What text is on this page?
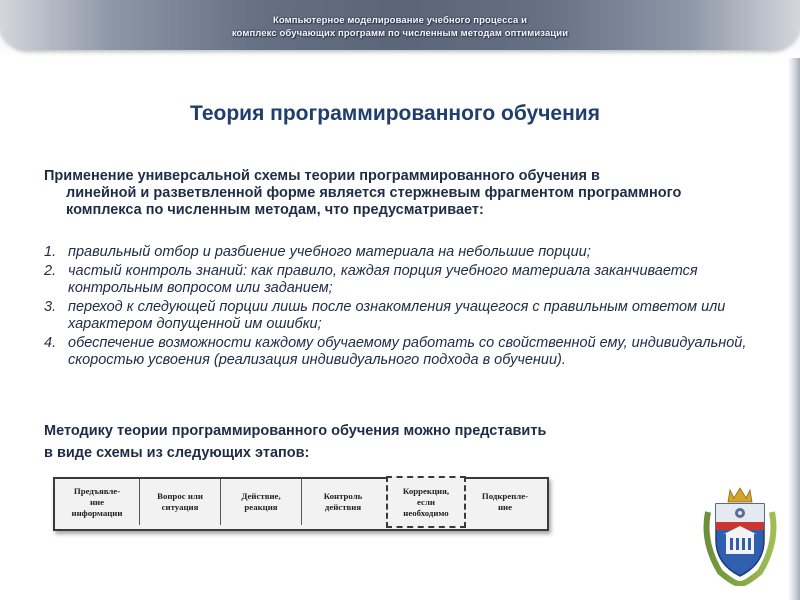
Компьютерное моделирование учебного процесса и
комплекс обучающих программ по численным методам оптимизации
Теория программированного обучения
Применение универсальной схемы теории программированного обучения в
линейной и разветвленной форме является стержневым фрагментом программного комплекса по численным методам, что предусматривает:
1. правильный отбор и разбиение учебного материала на небольшие порции;
2. частый контроль знаний: как правило, каждая порция учебного материала заканчивается контрольным вопросом или заданием;
3. переход к следующей порции лишь после ознакомления учащегося с правильным ответом или характером допущенной им ошибки;
4. обеспечение возможности каждому обучаемому работать со свойственной ему, индивидуальной, скоростью усвоения (реализация индивидуального подхода в обучении).
Методику теории программированного обучения можно представить
в виде схемы из следующих этапов:
Предъявле-
ние
информации
Вопрос или
ситуация
Действие,
реакция
Контроль
действия
Коррекция,
если
необходимо
Подкрепле-
ние
